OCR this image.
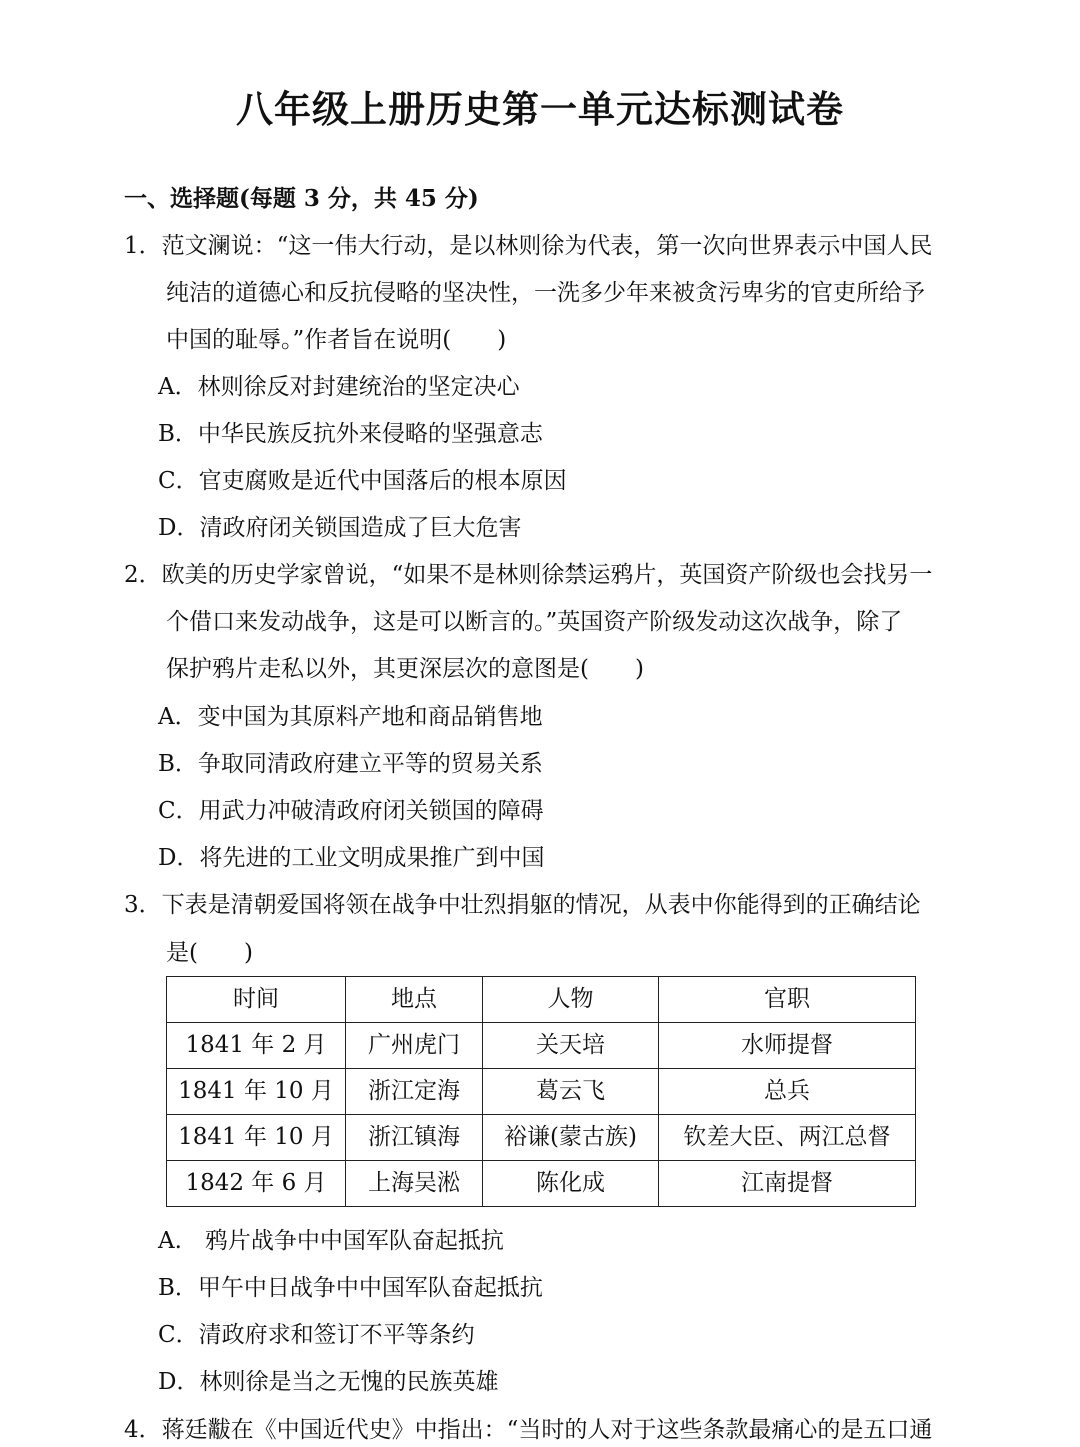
八年级上册历史第一单元达标测试卷
一、选择题(每题 3 分，共 45 分)
1．范文澜说：“这一伟大行动，是以林则徐为代表，第一次向世界表示中国人民
纯洁的道德心和反抗侵略的坚决性，一洗多少年来被贪污卑劣的官吏所给予
中国的耻辱。”作者旨在说明(　　)
A．林则徐反对封建统治的坚定决心
B．中华民族反抗外来侵略的坚强意志
C．官吏腐败是近代中国落后的根本原因
D．清政府闭关锁国造成了巨大危害
2．欧美的历史学家曾说，“如果不是林则徐禁运鸦片，英国资产阶级也会找另一
个借口来发动战争，这是可以断言的。”英国资产阶级发动这次战争，除了
保护鸦片走私以外，其更深层次的意图是(　　)
A．变中国为其原料产地和商品销售地
B．争取同清政府建立平等的贸易关系
C．用武力冲破清政府闭关锁国的障碍
D．将先进的工业文明成果推广到中国
3．下表是清朝爱国将领在战争中壮烈捐躯的情况，从表中你能得到的正确结论
是(　　)
时间	地点	人物	官职
1841 年 2 月	广州虎门	关天培	水师提督
1841 年 10 月	浙江定海	葛云飞	总兵
1841 年 10 月	浙江镇海	裕谦(蒙古族)	钦差大臣、两江总督
1842 年 6 月	上海吴淞	陈化成	江南提督
A.　鸦片战争中中国军队奋起抵抗
B．甲午中日战争中中国军队奋起抵抗
C．清政府求和签订不平等条约
D．林则徐是当之无愧的民族英雄
4．蒋廷黻在《中国近代史》中指出：“当时的人对于这些条款最痛心的是五口通
